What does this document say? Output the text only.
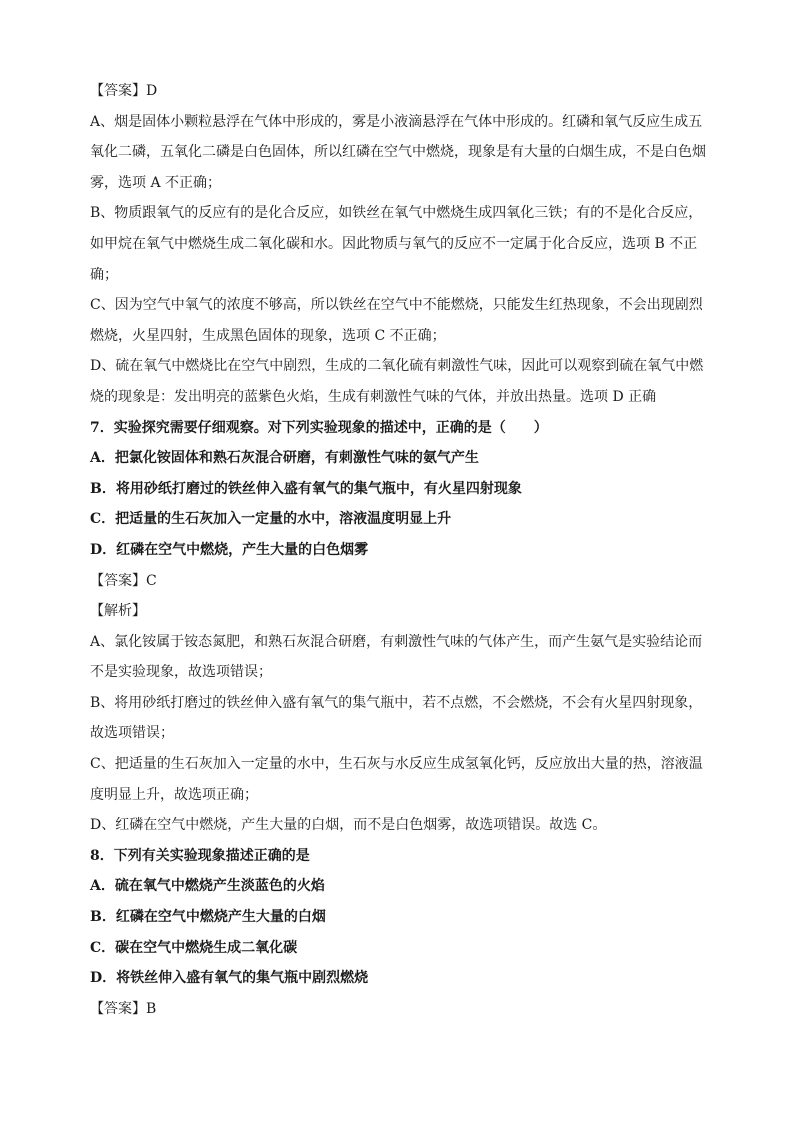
【答案】D

A、烟是固体小颗粒悬浮在气体中形成的，雾是小液滴悬浮在气体中形成的。红磷和氧气反应生成五

氧化二磷，五氧化二磷是白色固体，所以红磷在空气中燃烧，现象是有大量的白烟生成，不是白色烟

雾，选项 A 不正确；

B、物质跟氧气的反应有的是化合反应，如铁丝在氧气中燃烧生成四氧化三铁；有的不是化合反应，

如甲烷在氧气中燃烧生成二氧化碳和水。因此物质与氧气的反应不一定属于化合反应，选项 B 不正

确；

C、因为空气中氧气的浓度不够高，所以铁丝在空气中不能燃烧，只能发生红热现象，不会出现剧烈

燃烧，火星四射，生成黑色固体的现象，选项 C 不正确；

D、硫在氧气中燃烧比在空气中剧烈，生成的二氧化硫有刺激性气味，因此可以观察到硫在氧气中燃

烧的现象是：发出明亮的蓝紫色火焰，生成有刺激性气味的气体，并放出热量。选项 D 正确

7．实验探究需要仔细观察。对下列实验现象的描述中，正确的是（　　）

A．把氯化铵固体和熟石灰混合研磨，有刺激性气味的氨气产生

B．将用砂纸打磨过的铁丝伸入盛有氧气的集气瓶中，有火星四射现象

C．把适量的生石灰加入一定量的水中，溶液温度明显上升

D．红磷在空气中燃烧，产生大量的白色烟雾

【答案】C

【解析】

A、氯化铵属于铵态氮肥，和熟石灰混合研磨，有刺激性气味的气体产生，而产生氨气是实验结论而

不是实验现象，故选项错误；

B、将用砂纸打磨过的铁丝伸入盛有氧气的集气瓶中，若不点燃，不会燃烧，不会有火星四射现象，

故选项错误；

C、把适量的生石灰加入一定量的水中，生石灰与水反应生成氢氧化钙，反应放出大量的热，溶液温

度明显上升，故选项正确；

D、红磷在空气中燃烧，产生大量的白烟，而不是白色烟雾，故选项错误。故选 C。

8．下列有关实验现象描述正确的是

A．硫在氧气中燃烧产生淡蓝色的火焰

B．红磷在空气中燃烧产生大量的白烟

C．碳在空气中燃烧生成二氧化碳

D．将铁丝伸入盛有氧气的集气瓶中剧烈燃烧

【答案】B
